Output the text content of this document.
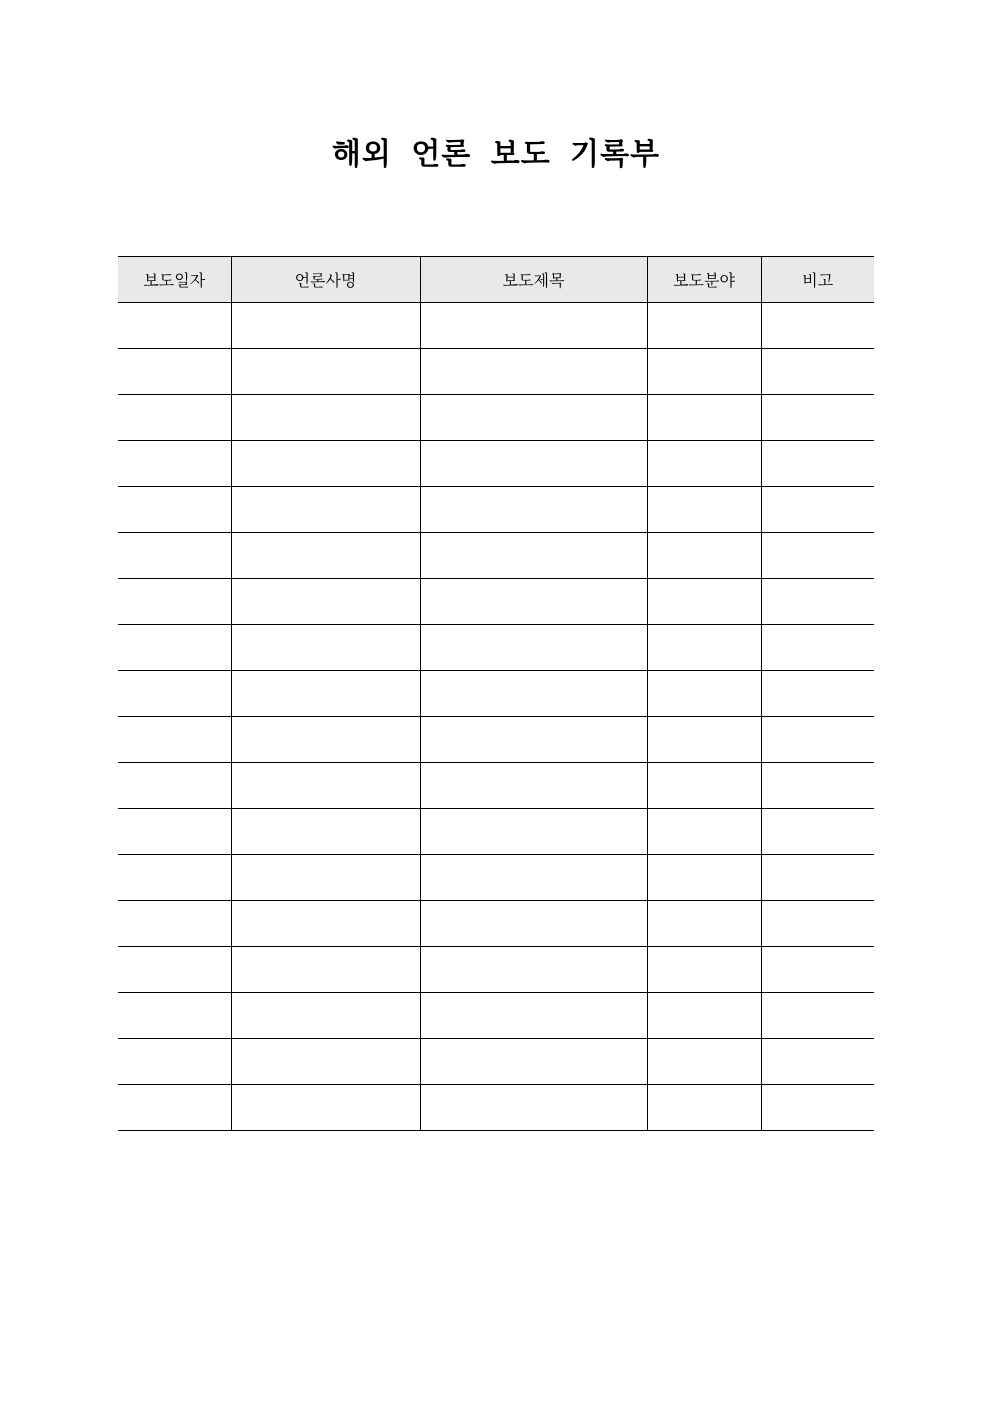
해외 언론 보도 기록부
보도일자	언론사명	보도제목	보도분야	비고
